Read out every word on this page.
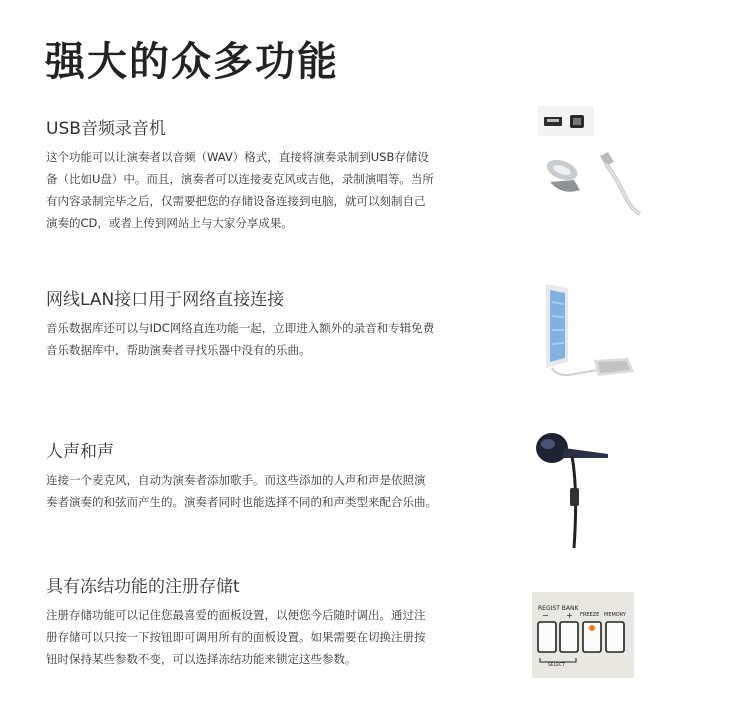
强大的众多功能
USB音频录音机

这个功能可以让演奏者以音频（WAV）格式，直接将演奏录制到USB存储设
备（比如U盘）中。而且，演奏者可以连接麦克风或吉他，录制演唱等。当所
有内容录制完毕之后，仅需要把您的存储设备连接到电脑，就可以刻制自己
演奏的CD，或者上传到网站上与大家分享成果。

网线LAN接口用于网络直接连接

音乐数据库还可以与IDC网络直连功能一起，立即进入额外的录音和专辑免费
音乐数据库中，帮助演奏者寻找乐器中没有的乐曲。

人声和声

连接一个麦克风，自动为演奏者添加歌手。而这些添加的人声和声是依照演
奏者演奏的和弦而产生的。演奏者同时也能选择不同的和声类型来配合乐曲。

具有冻结功能的注册存储t

注册存储功能可以记住您最喜爱的面板设置，以便您今后随时调出。通过注
册存储可以只按一下按钮即可调用所有的面板设置。如果需要在切换注册按
钮时保持某些参数不变，可以选择冻结功能来锁定这些参数。

REGIST BANK
− + FREEZE MEMORY
SELECT
